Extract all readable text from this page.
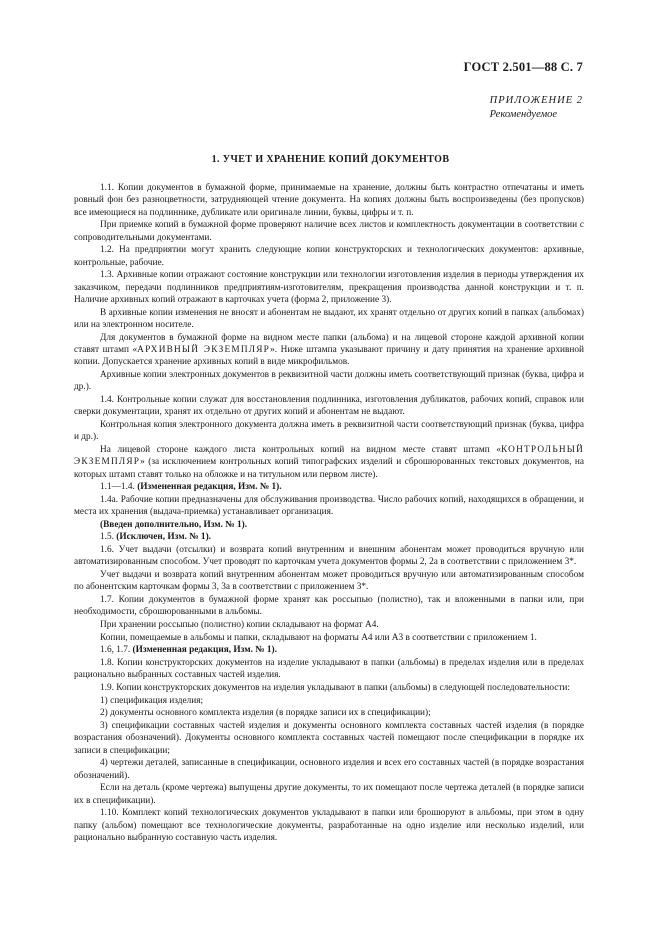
ГОСТ 2.501—88 С. 7
ПРИЛОЖЕНИЕ 2
Рекомендуемое
1. УЧЕТ И ХРАНЕНИЕ КОПИЙ ДОКУМЕНТОВ

1.1. Копии документов в бумажной форме, принимаемые на хранение, должны быть контрастно отпечатаны и иметь ровный фон без разноцветности, затрудняющей чтение документа. На копиях должны быть воспроизведены (без пропусков) все имеющиеся на подлиннике, дубликате или оригинале линии, буквы, цифры и т. п.

При приемке копий в бумажной форме проверяют наличие всех листов и комплектность документации в соответствии с сопроводительными документами.

1.2. На предприятии могут хранить следующие копии конструкторских и технологических документов: архивные, контрольные, рабочие.

1.3. Архивные копии отражают состояние конструкции или технологии изготовления изделия в периоды утверждения их заказчиком, передачи подлинников предприятиям-изготовителям, прекращения производства данной конструкции и т. п. Наличие архивных копий отражают в карточках учета (форма 2, приложение 3).

В архивные копии изменения не вносят и абонентам не выдают, их хранят отдельно от других копий в папках (альбомах) или на электронном носителе.

Для документов в бумажной форме на видном месте папки (альбома) и на лицевой стороне каждой архивной копии ставят штамп «АРХИВНЫЙ ЭКЗЕМПЛЯР». Ниже штампа указывают причину и дату принятия на хранение архивной копии. Допускается хранение архивных копий в виде микрофильмов.

Архивные копии электронных документов в реквизитной части должны иметь соответствующий признак (буква, цифра и др.).

1.4. Контрольные копии служат для восстановления подлинника, изготовления дубликатов, рабочих копий, справок или сверки документации, хранят их отдельно от других копий и абонентам не выдают.

Контрольная копия электронного документа должна иметь в реквизитной части соответствующий признак (буква, цифра и др.).

На лицевой стороне каждого листа контрольных копий на видном месте ставят штамп «КОНТРОЛЬНЫЙ ЭКЗЕМПЛЯР» (за исключением контрольных копий типографских изделий и сброшюрованных текстовых документов, на которых штамп ставят только на обложке и на титульном или первом листе).

1.1—1.4. (Измененная редакция, Изм. № 1).

1.4а. Рабочие копии предназначены для обслуживания производства. Число рабочих копий, находящихся в обращении, и места их хранения (выдача-приемка) устанавливает организация.

(Введен дополнительно, Изм. № 1).

1.5. (Исключен, Изм. № 1).

1.6. Учет выдачи (отсылки) и возврата копий внутренним и внешним абонентам может проводиться вручную или автоматизированным способом. Учет проводят по карточкам учета документов формы 2, 2а в соответствии с приложением 3*.

Учет выдачи и возврата копий внутренним абонентам может проводиться вручную или автоматизированным способом по абонентским карточкам формы 3, 3а в соответствии с приложением 3*.

1.7. Копии документов в бумажной форме хранят как россыпью (полистно), так и вложенными в папки или, при необходимости, сброшюрованными в альбомы.

При хранении россыпью (полистно) копии складывают на формат А4.

Копии, помещаемые в альбомы и папки, складывают на форматы А4 или А3 в соответствии с приложением 1.

1.6, 1.7. (Измененная редакция, Изм. № 1).

1.8. Копии конструкторских документов на изделие укладывают в папки (альбомы) в пределах изделия или в пределах рационально выбранных составных частей изделия.

1.9. Копии конструкторских документов на изделия укладывают в папки (альбомы) в следующей последовательности:

1) спецификация изделия;

2) документы основного комплекта изделия (в порядке записи их в спецификации);

3) спецификации составных частей изделия и документы основного комплекта составных частей изделия (в порядке возрастания обозначений). Документы основного комплекта составных частей помещают после спецификации в порядке их записи в спецификации;

4) чертежи деталей, записанные в спецификации, основного изделия и всех его составных частей (в порядке возрастания обозначений).

Если на деталь (кроме чертежа) выпущены другие документы, то их помещают после чертежа деталей (в порядке записи их в спецификации).

1.10. Комплект копий технологических документов укладывают в папки или брошюруют в альбомы, при этом в одну папку (альбом) помещают все технологические документы, разработанные на одно изделие или несколько изделий, или рационально выбранную составную часть изделия.
